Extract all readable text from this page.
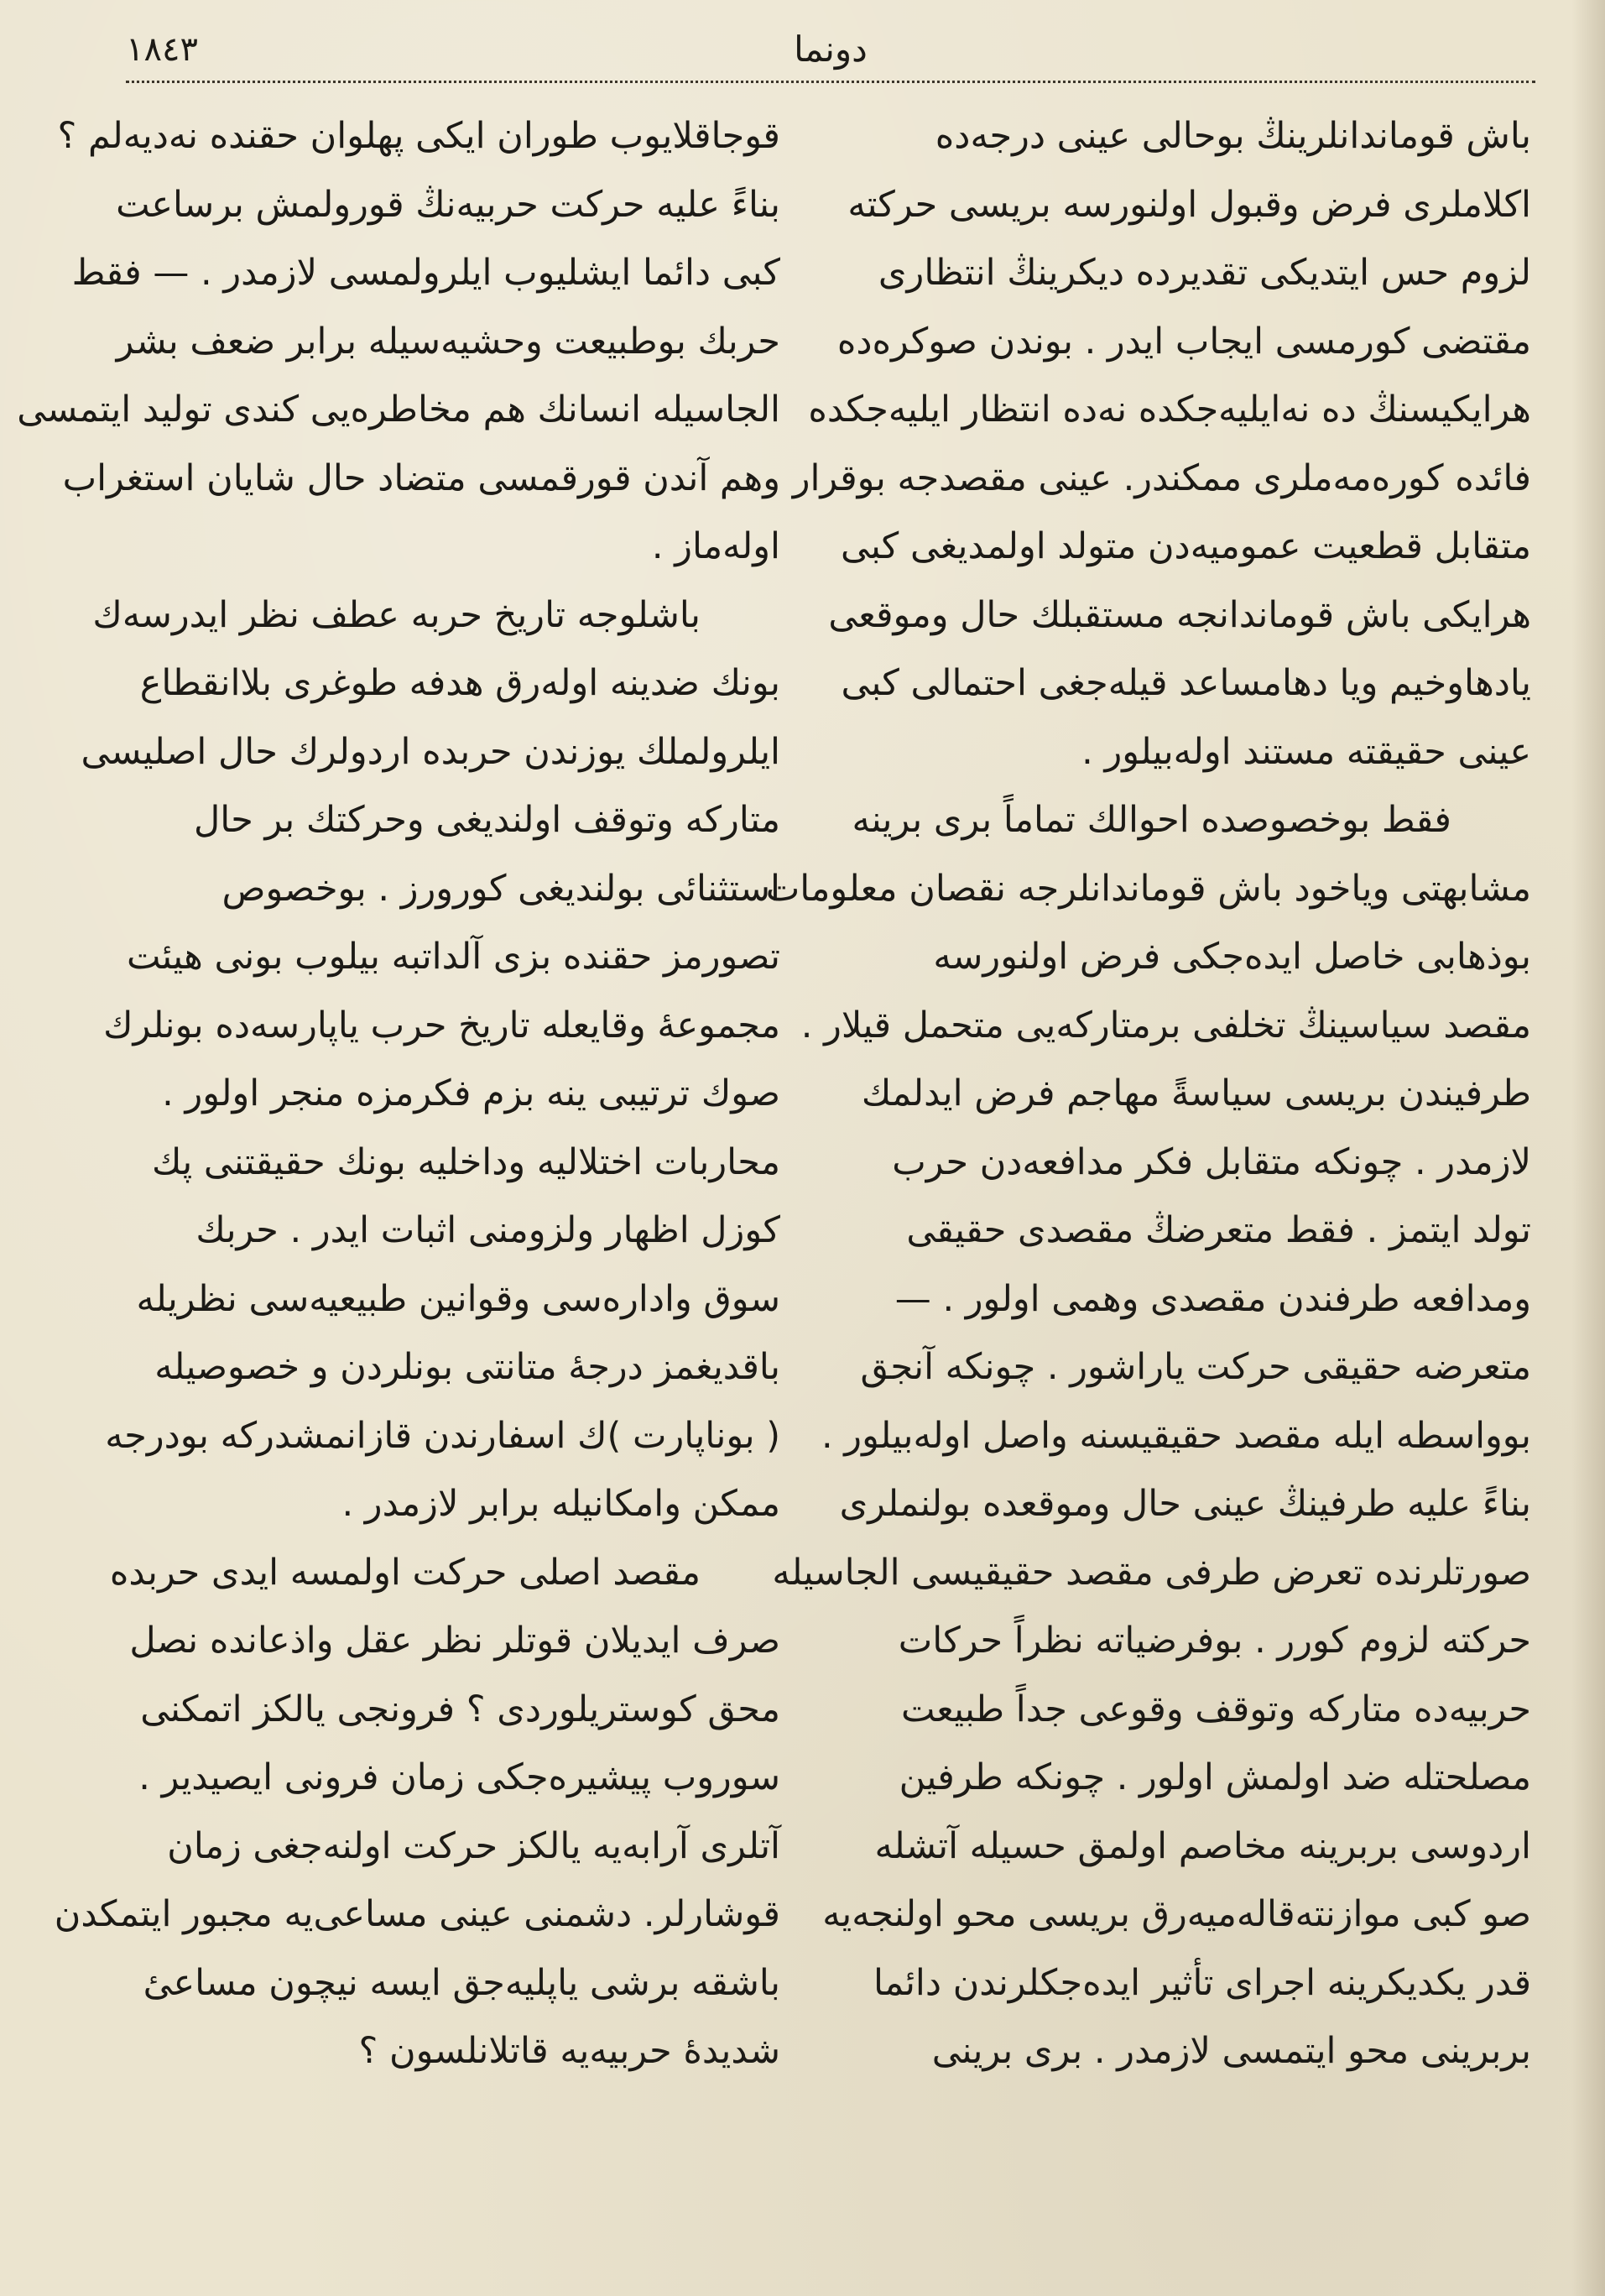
١٨٤٣	دونما
باش قوماندانلرينڭ بوحالى عينى درجه‌ده
اكلاملرى فرض وقبول اولنورسه بريسى حركته
لزوم حس ايتديكى تقديرده ديكرينڭ انتظارى
مقتضى كورمسى ايجاب ايدر . بوندن صوكره‌ده
هرايكيسنڭ ده نه‌ايليه‌جكده نه‌ده انتظار ايليه‌جكده
فائده كوره‌مه‌ملرى ممكندر. عينى مقصدجه بوقرار
متقابل قطعيت عموميه‌دن متولد اولمديغى كبى
هرايكى باش قوماندانجه مستقبلك حال وموقعى
يادهاوخيم ويا دهامساعد قيله‌جغى احتمالى كبى
عينى حقيقته مستند اوله‌بيلور .
فقط بوخصوصده احوالك تماماً برى برينه
مشابهتى وياخود باش قوماندانلرجه نقصان معلومات
بوذهابى خاصل ايده‌جكى فرض اولنورسه
مقصد سياسينڭ تخلفى برمتاركه‌يى متحمل قيلار .
طرفيندن بريسى سياسةً مهاجم فرض ايدلمك
لازمدر . چونكه متقابل فكر مدافعه‌دن حرب
تولد ايتمز . فقط متعرضڭ مقصدى حقيقى
ومدافعه طرفندن مقصدى وهمى اولور . —
متعرضه حقيقى حركت ياراشور . چونكه آنجق
بوواسطه ايله مقصد حقيقيسنه واصل اوله‌بيلور .
بناءً عليه طرفينڭ عينى حال وموقعده بولنملرى
صورتلرنده تعرض طرفى مقصد حقيقيسى الجاسيله
حركته لزوم كورر . بوفرضياته نظراً حركات
حربيه‌ده متاركه وتوقف وقوعى جداً طبيعت
مصلحتله ضد اولمش اولور . چونكه طرفين
اردوسى بربرينه مخاصم اولمق حسيله آتشله
صو كبى موازنته‌قاله‌ميه‌رق بريسى محو اولنجه‌يه
قدر يكديكرينه اجراى تأثير ايده‌جكلرندن دائما
بربرينى محو ايتمسى لازمدر . برى برينى
قوجاقلايوب طوران ايكى پهلوان حقنده نه‌ديه‌لم ؟
بناءً عليه حركت حربيه‌نڭ قورولمش برساعت
كبى دائما ايشليوب ايلرولمسى لازمدر . — فقط
حربك بوطبيعت وحشيه‌سيله برابر ضعف بشر
الجاسيله انسانك هم مخاطره‌يى كندى توليد ايتمسى
وهم آندن قورقمسى متضاد حال شايان استغراب
اوله‌ماز .
باشلوجه تاريخ حربه عطف نظر ايدرسه‌ك
بونك ضدينه اوله‌رق هدفه طوغرى بلاانقطاع
ايلرولملك يوزندن حربده اردولرك حال اصليسى
متاركه وتوقف اولنديغى وحركتك بر حال
استثنائى بولنديغى كورورز . بوخصوص
تصورمز حقنده بزى آلداتبه بيلوب بونى هيئت
مجموعهٔ وقايعله تاريخ حرب ياپارسه‌ده بونلرك
صوك ترتيبى ينه بزم فكرمزه منجر اولور .
محاربات اختلاليه وداخليه بونك حقيقتنى پك
كوزل اظهار ولزومنى اثبات ايدر . حربك
سوق واداره‌سى وقوانين طبيعيه‌سى نظريله
باقديغمز درجهٔ متانتى بونلردن و خصوصيله
( بوناپارت )ك اسفارندن قازانمشدركه بودرجه
ممكن وامكانيله برابر لازمدر .
مقصد اصلى حركت اولمسه ايدى حربده
صرف ايديلان قوتلر نظر عقل واذعانده نصل
محق كوستريلوردى ؟ فرونجى يالكز اتمكنى
سوروب پيشيره‌جكى زمان فرونى ايصيدير .
آتلرى آرابه‌يه يالكز حركت اولنه‌جغى زمان
قوشارلر. دشمنى عينى مساعى‌يه مجبور ايتمكدن
باشقه برشى ياپليه‌جق ايسه نيچون مساعىٔ
شديدهٔ حربيه‌يه قاتلانلسون ؟
